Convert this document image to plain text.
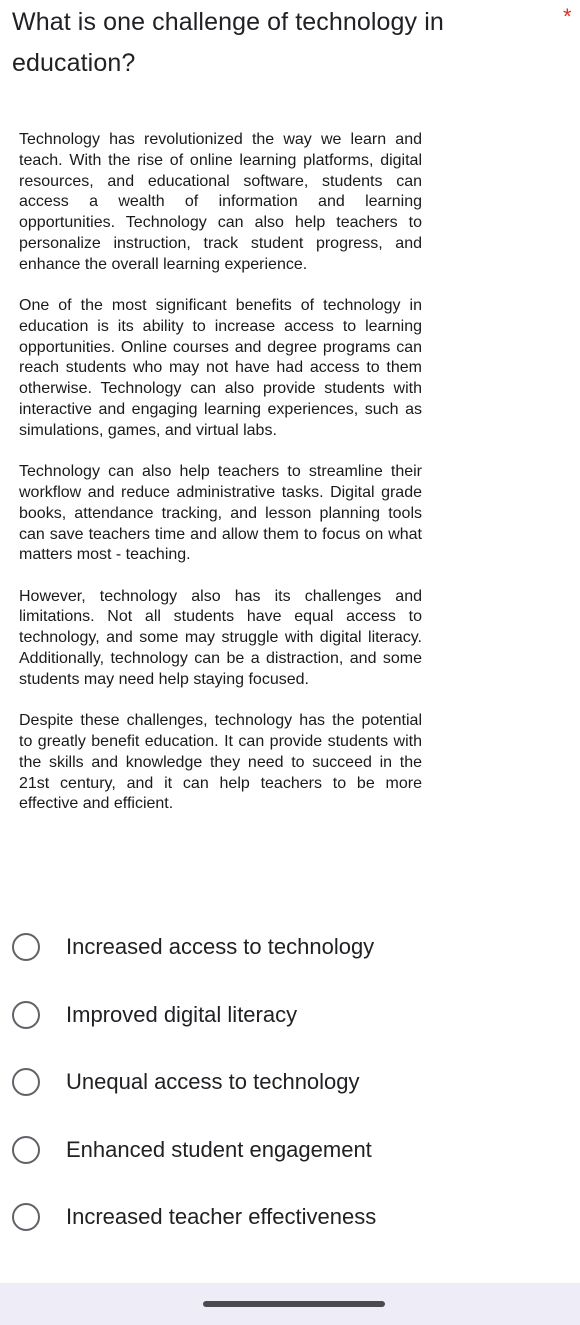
What is one challenge of technology in education?
*

Technology has revolutionized the way we learn and teach. With the rise of online learning platforms, digital resources, and educational software, students can access a wealth of information and learning opportunities. Technology can also help teachers to personalize instruction, track student progress, and enhance the overall learning experience.

One of the most significant benefits of technology in education is its ability to increase access to learning opportunities. Online courses and degree programs can reach students who may not have had access to them otherwise. Technology can also provide students with interactive and engaging learning experiences, such as simulations, games, and virtual labs.

Technology can also help teachers to streamline their workflow and reduce administrative tasks. Digital grade books, attendance tracking, and lesson planning tools can save teachers time and allow them to focus on what matters most - teaching.

However, technology also has its challenges and limitations. Not all students have equal access to technology, and some may struggle with digital literacy. Additionally, technology can be a distraction, and some students may need help staying focused.

Despite these challenges, technology has the potential to greatly benefit education. It can provide students with the skills and knowledge they need to succeed in the 21st century, and it can help teachers to be more effective and efficient.

Increased access to technology
Improved digital literacy
Unequal access to technology
Enhanced student engagement
Increased teacher effectiveness
